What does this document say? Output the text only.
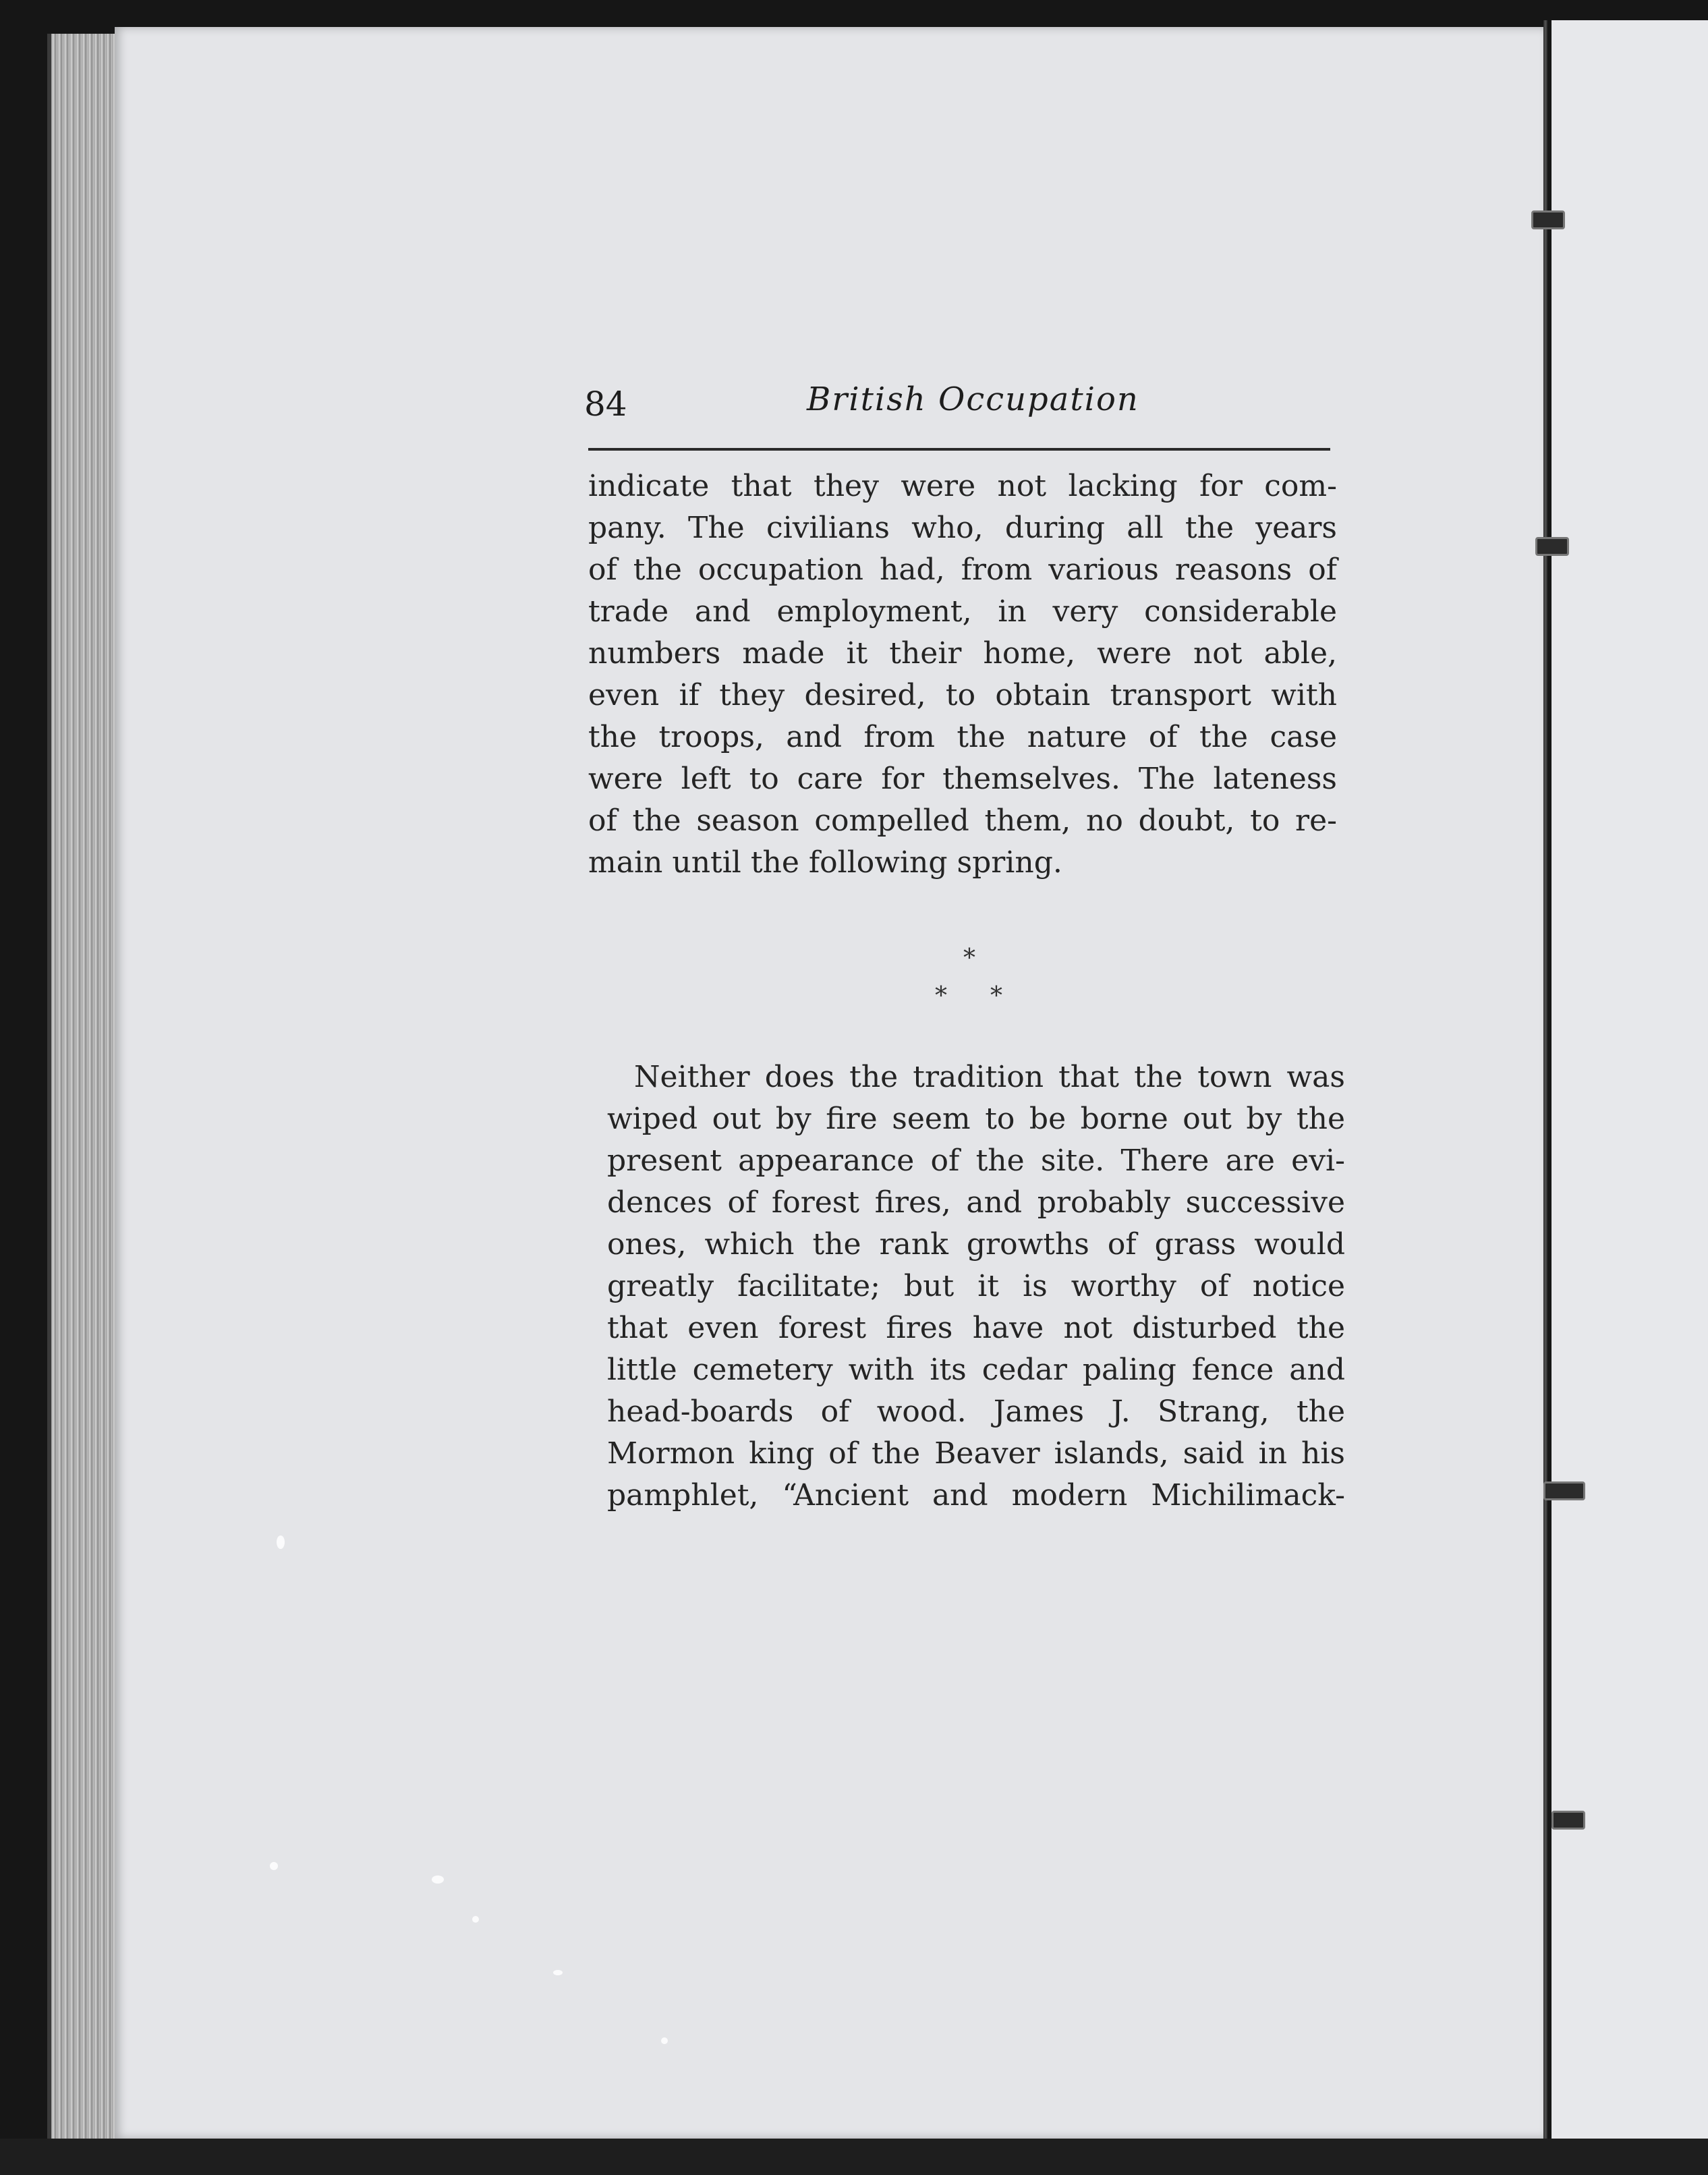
84	British Occupation
indicate that they were not lacking for com-
pany. The civilians who, during all the years
of the occupation had, from various reasons of
trade and employment, in very considerable
numbers made it their home, were not able,
even if they desired, to obtain transport with
the troops, and from the nature of the case
were left to care for themselves. The lateness
of the season compelled them, no doubt, to re-
main until the following spring.
*
* *
Neither does the tradition that the town was
wiped out by fire seem to be borne out by the
present appearance of the site. There are evi-
dences of forest fires, and probably successive
ones, which the rank growths of grass would
greatly facilitate; but it is worthy of notice
that even forest fires have not disturbed the
little cemetery with its cedar paling fence and
head-boards of wood. James J. Strang, the
Mormon king of the Beaver islands, said in his
pamphlet, “Ancient and modern Michilimack-
